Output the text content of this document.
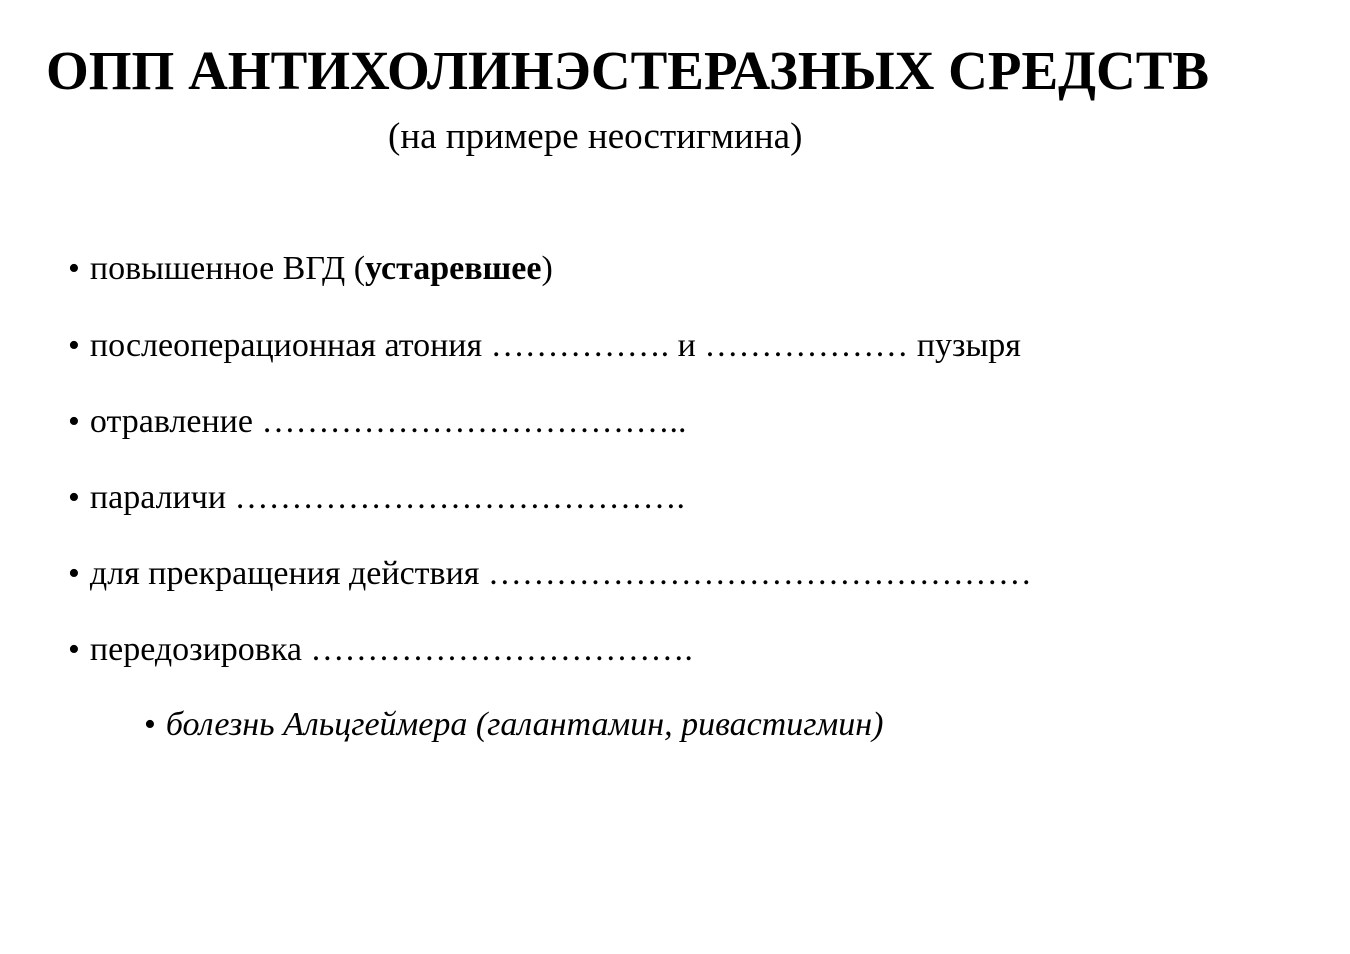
ОПП АНТИХОЛИНЭСТЕРАЗНЫХ СРЕДСТВ
(на примере неостигмина)
• повышенное ВГД (устаревшее)
• послеоперационная атония ……………. и ……………… пузыря
• отравление ………………………………..
• параличи ………………………………….
• для прекращения действия …………………………………………
• передозировка …………………………….
• болезнь Альцгеймера (галантамин, ривастигмин)
